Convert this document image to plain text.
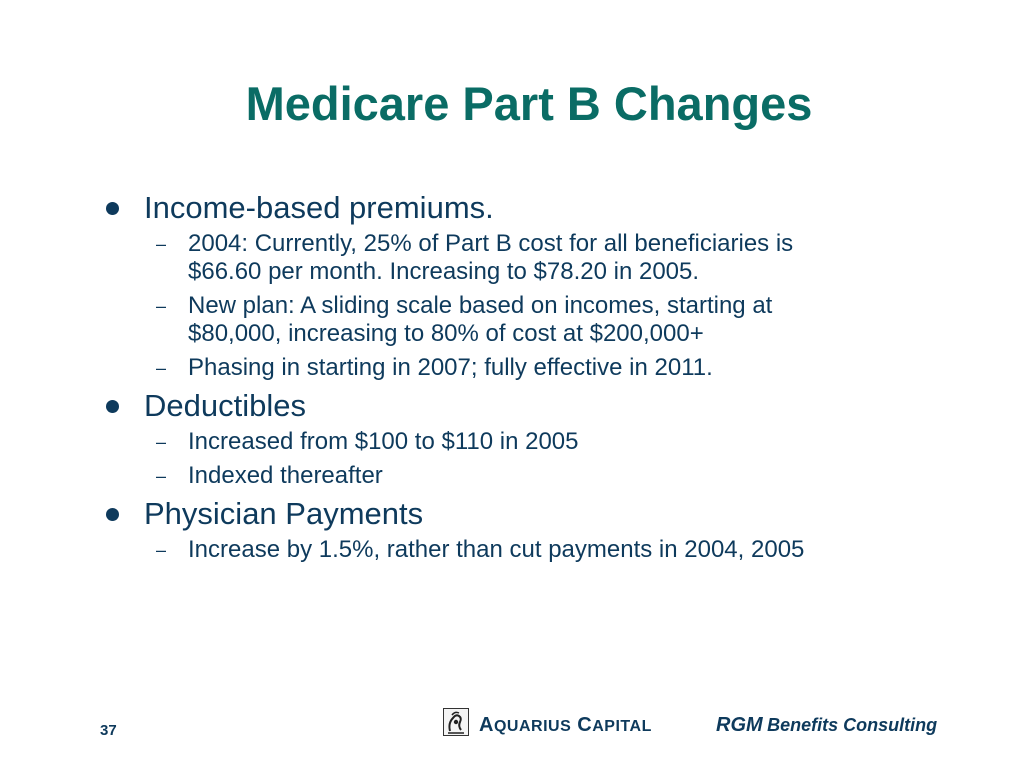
Medicare Part B Changes
Income-based premiums.
– 2004: Currently, 25% of Part B cost for all beneficiaries is
$66.60 per month. Increasing to $78.20 in 2005.
– New plan: A sliding scale based on incomes, starting at
$80,000, increasing to 80% of cost at $200,000+
– Phasing in starting in 2007; fully effective in 2011.
Deductibles
– Increased from $100 to $110 in 2005
– Indexed thereafter
Physician Payments
– Increase by 1.5%, rather than cut payments in 2004, 2005
37	AQUARIUS CAPITAL	RGM Benefits Consulting
